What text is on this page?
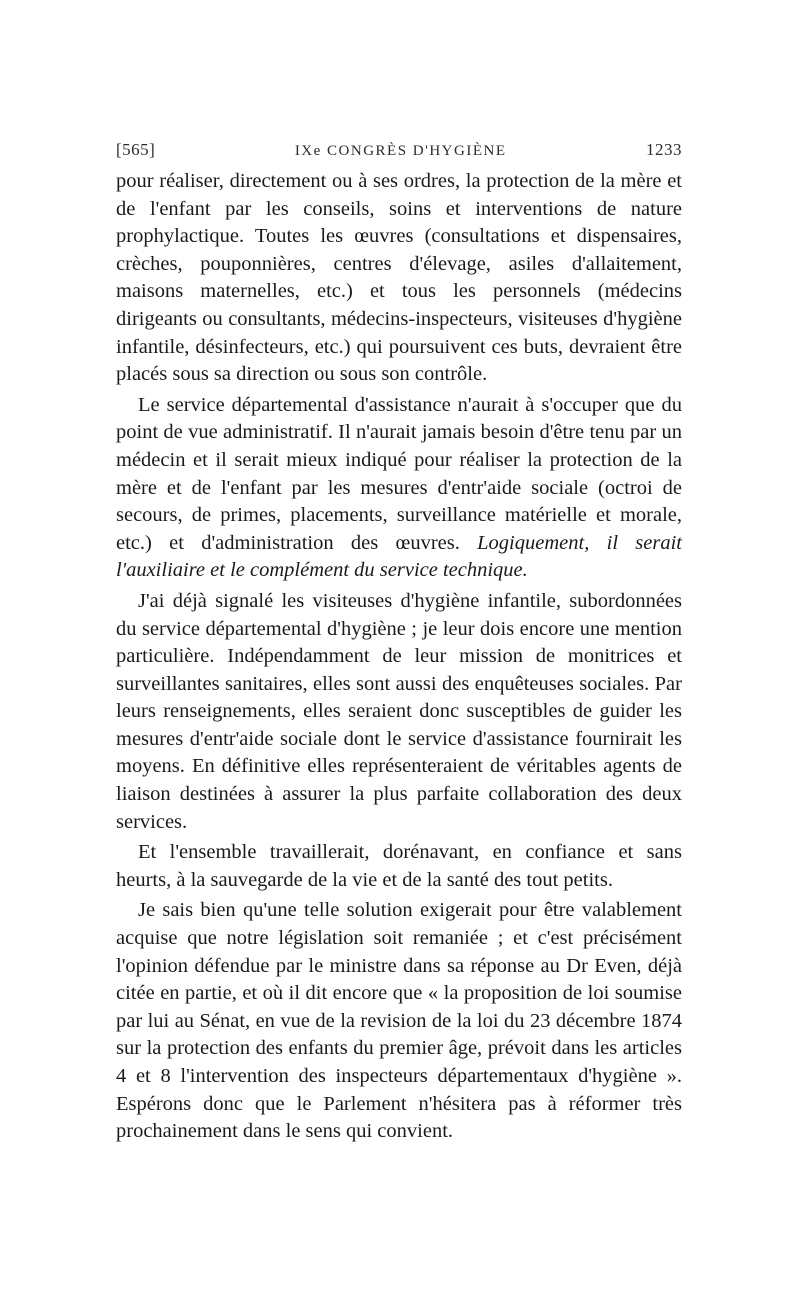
[565]	IXe CONGRÈS D'HYGIÈNE	1233

pour réaliser, directement ou à ses ordres, la protection de la mère et de l'enfant par les conseils, soins et interventions de nature prophylactique. Toutes les œuvres (consultations et dispensaires, crèches, pouponnières, centres d'élevage, asiles d'allaitement, maisons maternelles, etc.) et tous les personnels (médecins dirigeants ou consultants, médecins-inspecteurs, visiteuses d'hygiène infantile, désinfecteurs, etc.) qui poursuivent ces buts, devraient être placés sous sa direction ou sous son contrôle.

Le service départemental d'assistance n'aurait à s'occuper que du point de vue administratif. Il n'aurait jamais besoin d'être tenu par un médecin et il serait mieux indiqué pour réaliser la protection de la mère et de l'enfant par les mesures d'entr'aide sociale (octroi de secours, de primes, placements, surveillance matérielle et morale, etc.) et d'administration des œuvres. Logiquement, il serait l'auxiliaire et le complément du service technique.

J'ai déjà signalé les visiteuses d'hygiène infantile, subordonnées du service départemental d'hygiène ; je leur dois encore une mention particulière. Indépendamment de leur mission de monitrices et surveillantes sanitaires, elles sont aussi des enquêteuses sociales. Par leurs renseignements, elles seraient donc susceptibles de guider les mesures d'entr'aide sociale dont le service d'assistance fournirait les moyens. En définitive elles représenteraient de véritables agents de liaison destinées à assurer la plus parfaite collaboration des deux services.

Et l'ensemble travaillerait, dorénavant, en confiance et sans heurts, à la sauvegarde de la vie et de la santé des tout petits.

Je sais bien qu'une telle solution exigerait pour être valablement acquise que notre législation soit remaniée ; et c'est précisément l'opinion défendue par le ministre dans sa réponse au Dr Even, déjà citée en partie, et où il dit encore que « la proposition de loi soumise par lui au Sénat, en vue de la revision de la loi du 23 décembre 1874 sur la protection des enfants du premier âge, prévoit dans les articles 4 et 8 l'intervention des inspecteurs départementaux d'hygiène ». Espérons donc que le Parlement n'hésitera pas à réformer très prochainement dans le sens qui convient.
